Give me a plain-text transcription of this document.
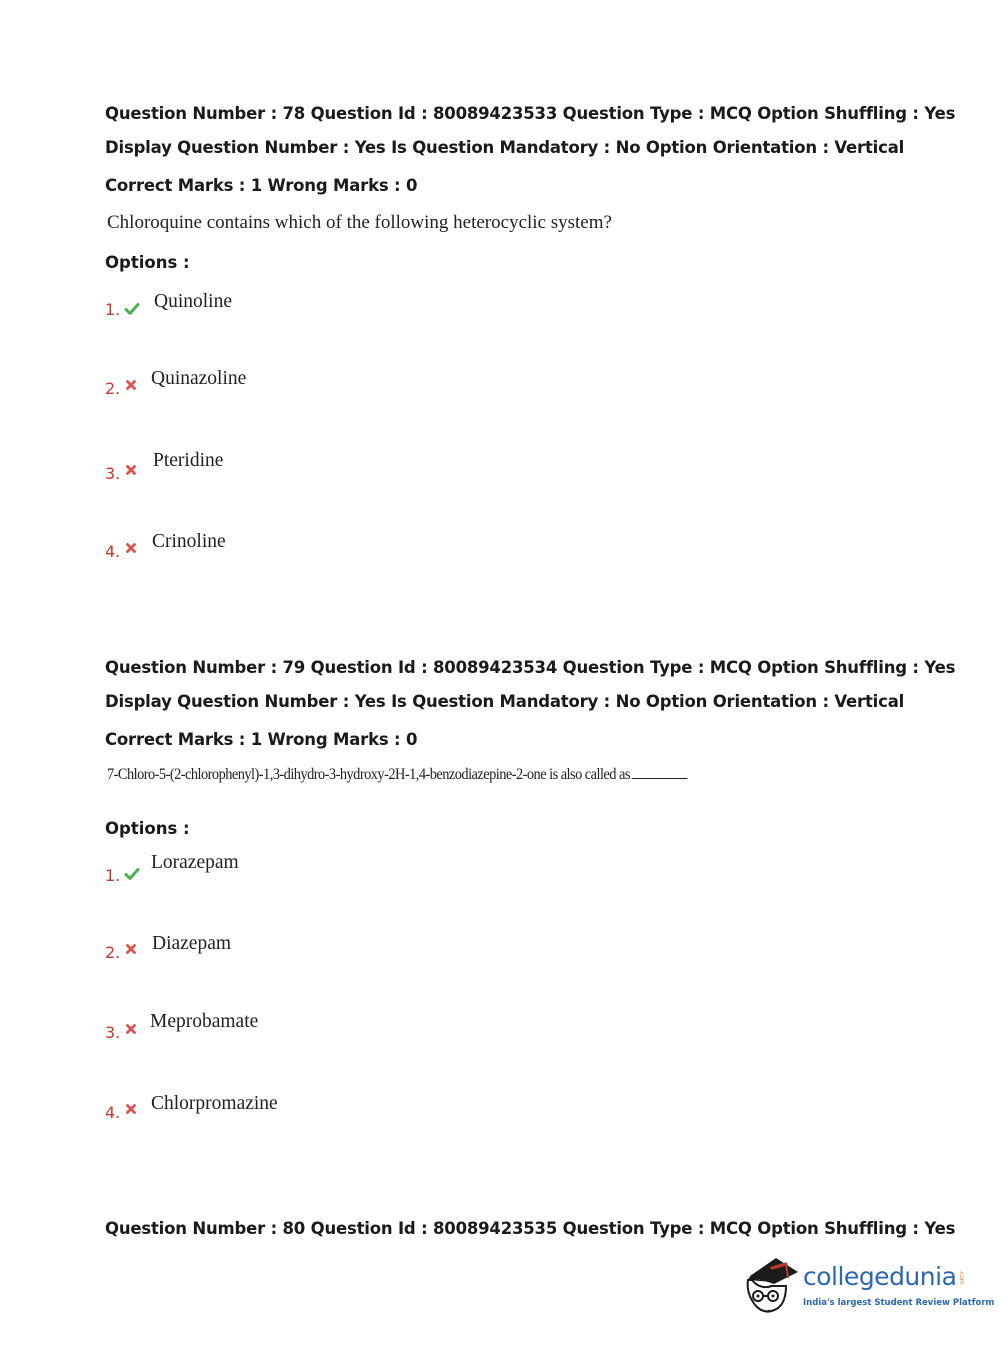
Question Number : 78 Question Id : 80089423533 Question Type : MCQ Option Shuffling : Yes
Display Question Number : Yes Is Question Mandatory : No Option Orientation : Vertical
Correct Marks : 1 Wrong Marks : 0
Chloroquine contains which of the following heterocyclic system?
Options :
1. Quinoline
2. Quinazoline
3.
Pteridine
4. Crinoline
Question Number : 79 Question Id : 80089423534 Question Type : MCQ Option Shuffling : Yes
Display Question Number : Yes Is Question Mandatory : No Option Orientation : Vertical
Correct Marks : 1 Wrong Marks : 0
7-Chloro-5-(2-chlorophenyl)-1,3-dihydro-3-hydroxy-2H-1,4-benzodiazepine-2-one is also called as
Options :
1.
Lorazepam
2. Diazepam
3.
Meprobamate
4. Chlorpromazine
Question Number : 80 Question Id : 80089423535 Question Type : MCQ Option Shuffling : Yes
collegedunia .com
India's largest Student Review Platform
